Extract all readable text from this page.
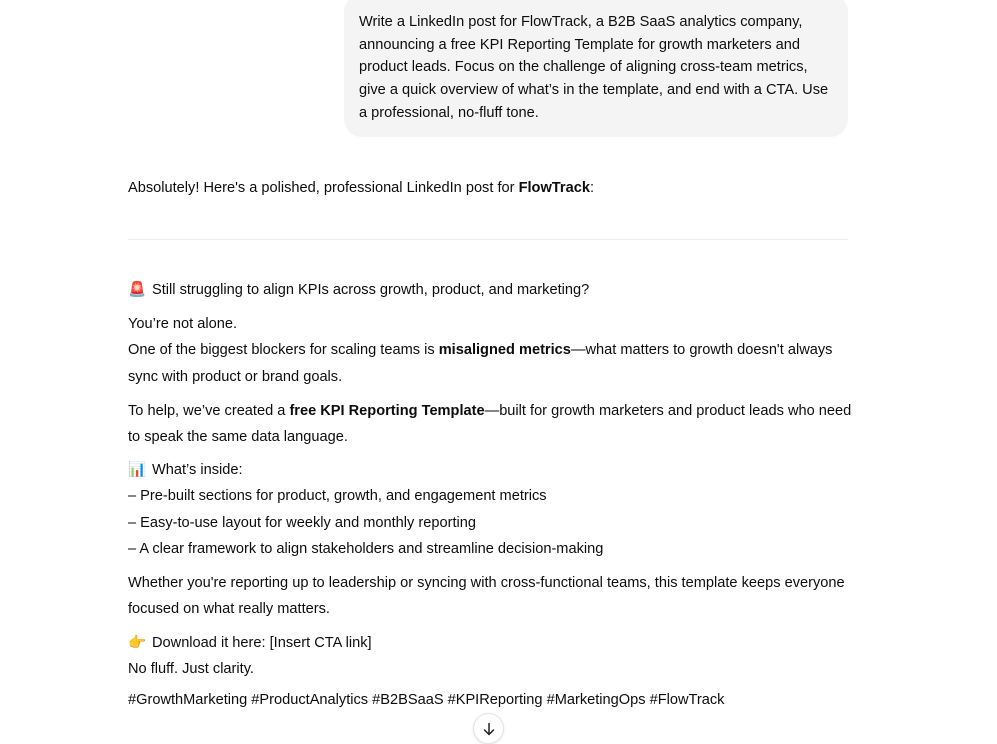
Write a LinkedIn post for FlowTrack, a B2B SaaS analytics company, announcing a free KPI Reporting Template for growth marketers and product leads. Focus on the challenge of aligning cross-team metrics, give a quick overview of what’s in the template, and end with a CTA. Use a professional, no-fluff tone.
Absolutely! Here's a polished, professional LinkedIn post for FlowTrack:
🚨 Still struggling to align KPIs across growth, product, and marketing?
You’re not alone.
One of the biggest blockers for scaling teams is misaligned metrics—what matters to growth doesn't always sync with product or brand goals.
To help, we’ve created a free KPI Reporting Template—built for growth marketers and product leads who need to speak the same data language.
📊 What’s inside:
– Pre-built sections for product, growth, and engagement metrics
– Easy-to-use layout for weekly and monthly reporting
– A clear framework to align stakeholders and streamline decision-making
Whether you're reporting up to leadership or syncing with cross-functional teams, this template keeps everyone focused on what really matters.
👉 Download it here: [Insert CTA link]
No fluff. Just clarity.
#GrowthMarketing #ProductAnalytics #B2BSaaS #KPIReporting #MarketingOps #FlowTrack
